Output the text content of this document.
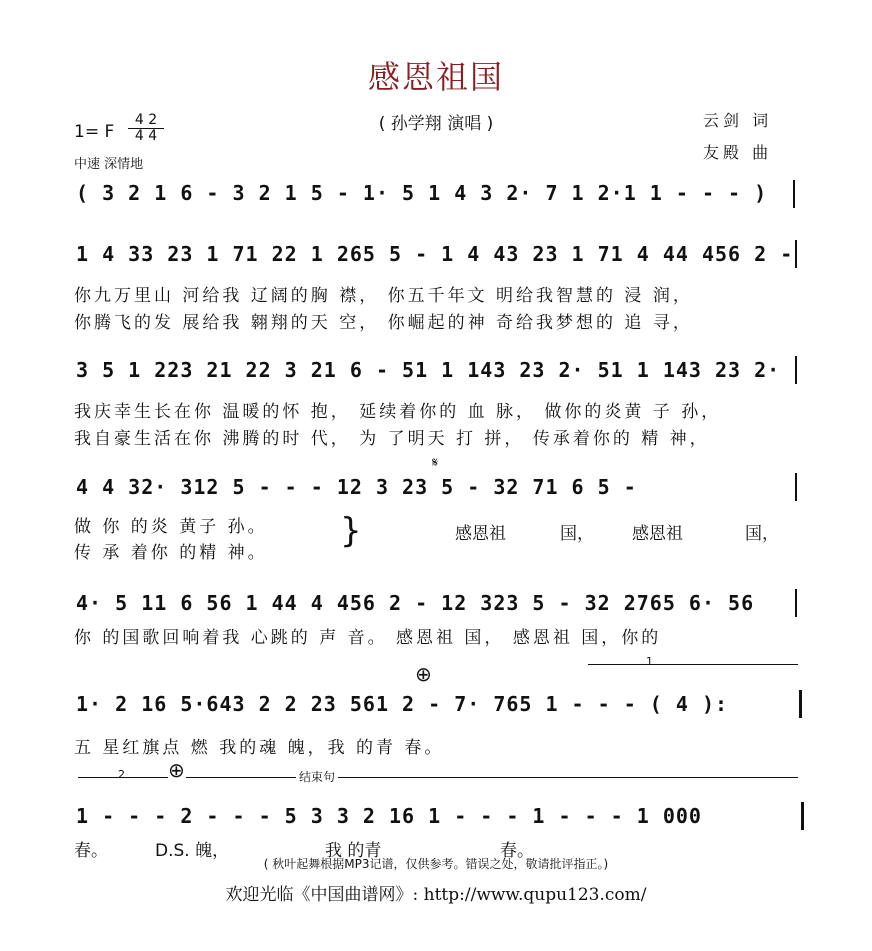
感恩祖国
( 孙学翔 演唱 )	云剑 词
友殿 曲
1= F
4 2
4 4
中速 深情地
( 3 2 1 6 - 3 2 1 5 - 1· 5 1 4 3 2· 7 1 2·1 1 - - - )
1 4 33 23 1 71 22 1 265 5 - 1 4 43 23 1 71 4 44 456 2 -
你九万里山 河给我 辽阔的胸 襟， 你五千年文 明给我智慧的 浸 润，
你腾飞的发 展给我 翱翔的天 空， 你崛起的神 奇给我梦想的 追 寻，
3 5 1 223 21 22 3 21 6 - 51 1 143 23 2· 51 1 143 23 2·
我庆幸生长在你 温暖的怀 抱， 延续着你的 血 脉， 做你的炎黄 子 孙，
我自豪生活在你 沸腾的时 代， 为 了明天 打 拼， 传承着你的 精 神，
𝄋
4 4 32· 312 5 - - - 12 3 23 5 - 32 71 6 5 -
做 你 的炎 黄子 孙。
传 承 着你 的精 神。
}	感恩祖	国， 感恩祖	国，
4· 5 11 6 56 1 44 4 456 2 - 12 323 5 - 32 2765 6· 56
你 的国歌回响着我 心跳的 声 音。 感恩祖 国， 感恩祖 国，你的
1
⊕
1· 2 16 5·643 2 2 23 561 2 - 7· 765 1 - - - ( 4 ):
五 星红旗点 燃 我的魂 魄，我 的青 春。
2 ⊕	结束句
1 - - - 2 - - - 5 3 3 2 16 1 - - - 1 - - - 1 000
春。	D.S. 魄，	我 的青	春。
( 秋叶起舞根据MP3记谱，仅供参考。错误之处，敬请批评指正。)
欢迎光临《中国曲谱网》: http://www.qupu123.com/
